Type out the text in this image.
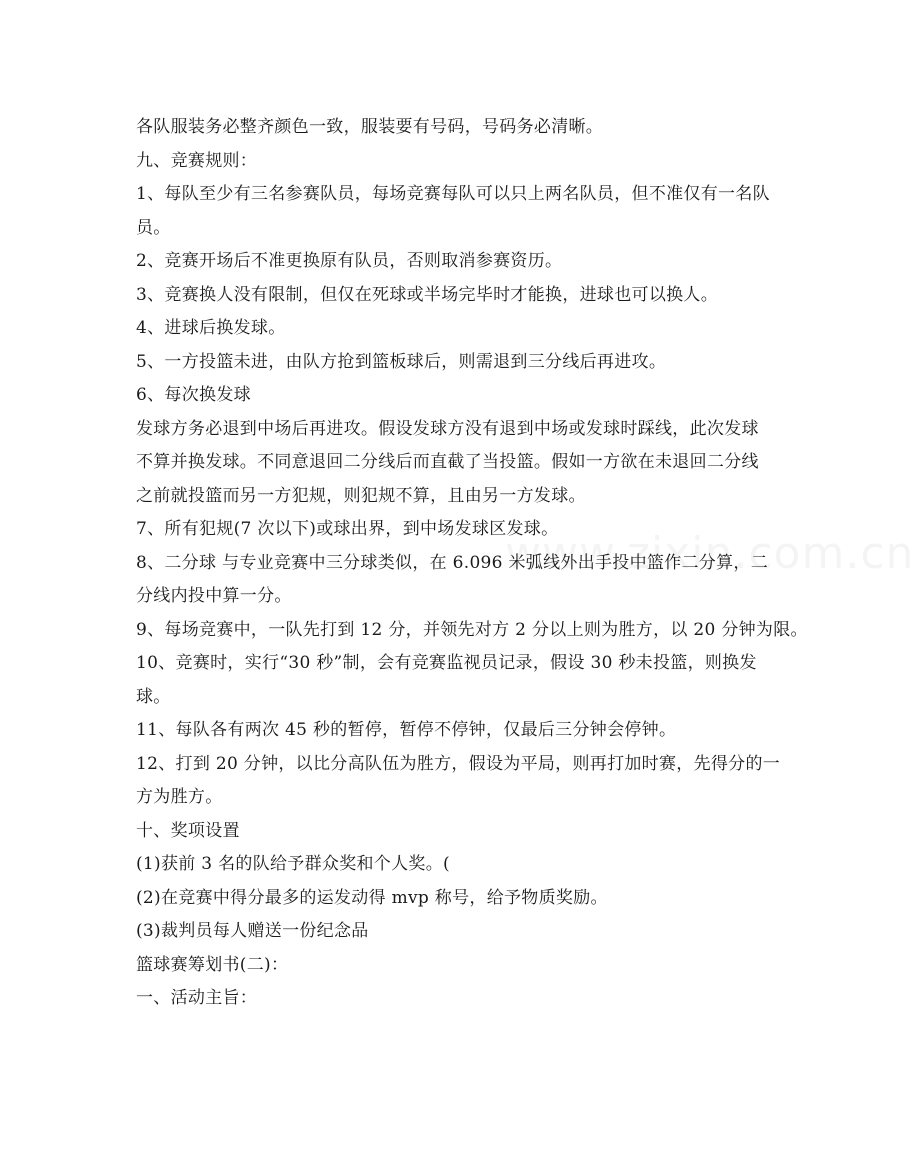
各队服装务必整齐颜色一致，服装要有号码，号码务必清晰。
九、竞赛规则：
1、每队至少有三名参赛队员，每场竞赛每队可以只上两名队员，但不准仅有一名队
员。
2、竞赛开场后不准更换原有队员，否则取消参赛资历。
3、竞赛换人没有限制，但仅在死球或半场完毕时才能换，进球也可以换人。
4、进球后换发球。
5、一方投篮未进，由队方抢到篮板球后，则需退到三分线后再进攻。
6、每次换发球
发球方务必退到中场后再进攻。假设发球方没有退到中场或发球时踩线，此次发球
不算并换发球。不同意退回二分线后而直截了当投篮。假如一方欲在未退回二分线
之前就投篮而另一方犯规，则犯规不算，且由另一方发球。
7、所有犯规(7 次以下)或球出界，到中场发球区发球。
8、二分球 与专业竞赛中三分球类似，在 6.096 米弧线外出手投中篮作二分算，二
分线内投中算一分。
9、每场竞赛中，一队先打到 12 分，并领先对方 2 分以上则为胜方，以 20 分钟为限。
10、竞赛时，实行“30 秒”制，会有竞赛监视员记录，假设 30 秒未投篮，则换发
球。
11、每队各有两次 45 秒的暂停，暂停不停钟，仅最后三分钟会停钟。
12、打到 20 分钟，以比分高队伍为胜方，假设为平局，则再打加时赛，先得分的一
方为胜方。
十、奖项设置
(1)获前 3 名的队给予群众奖和个人奖。(
(2)在竞赛中得分最多的运发动得 mvp 称号，给予物质奖励。
(3)裁判员每人赠送一份纪念品
篮球赛筹划书(二)：
一、活动主旨：
